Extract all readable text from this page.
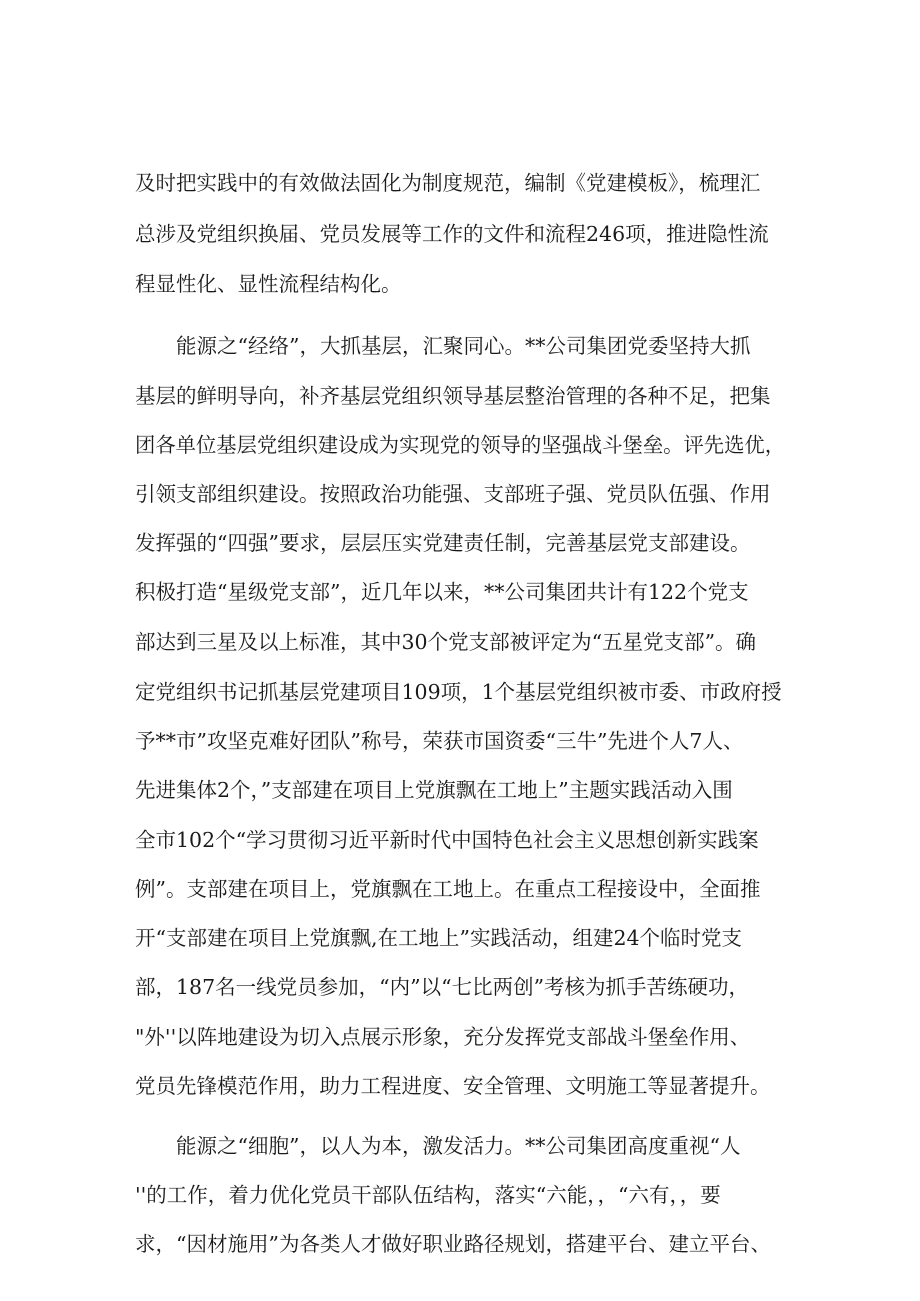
及时把实践中的有效做法固化为制度规范，编制《党建模板》，梳理汇
总涉及党组织换届、党员发展等工作的文件和流程246项，推进隐性流
程显性化、显性流程结构化。
能源之“经络”，大抓基层，汇聚同心。**公司集团党委坚持大抓
基层的鲜明导向，补齐基层党组织领导基层整治管理的各种不足，把集
团各单位基层党组织建设成为实现党的领导的坚强战斗堡垒。评先选优，
引领支部组织建设。按照政治功能强、支部班子强、党员队伍强、作用
发挥强的“四强”要求，层层压实党建责任制，完善基层党支部建设。
积极打造“星级党支部”，近几年以来，**公司集团共计有122个党支
部达到三星及以上标准，其中30个党支部被评定为“五星党支部”。确
定党组织书记抓基层党建项目109项，1个基层党组织被市委、市政府授
予**市”攻坚克难好团队”称号，荣获市国资委“三牛”先进个人7人、
先进集体2个，”支部建在项目上党旗飘在工地上”主题实践活动入围
全市102个“学习贯彻习近平新时代中国特色社会主义思想创新实践案
例”。支部建在项目上，党旗飘在工地上。在重点工程接设中，全面推
开“支部建在项目上党旗飘,在工地上”实践活动，组建24个临时党支
部，187名一线党员参加，“内”以“七比两创”考核为抓手苦练硬功，
"外''以阵地建设为切入点展示形象，充分发挥党支部战斗堡垒作用、
党员先锋模范作用，助力工程进度、安全管理、文明施工等显著提升。
能源之“细胞”，以人为本，激发活力。**公司集团高度重视“人
''的工作，着力优化党员干部队伍结构，落实“六能，，“六有，，要
求，“因材施用”为各类人才做好职业路径规划，搭建平台、建立平台、
